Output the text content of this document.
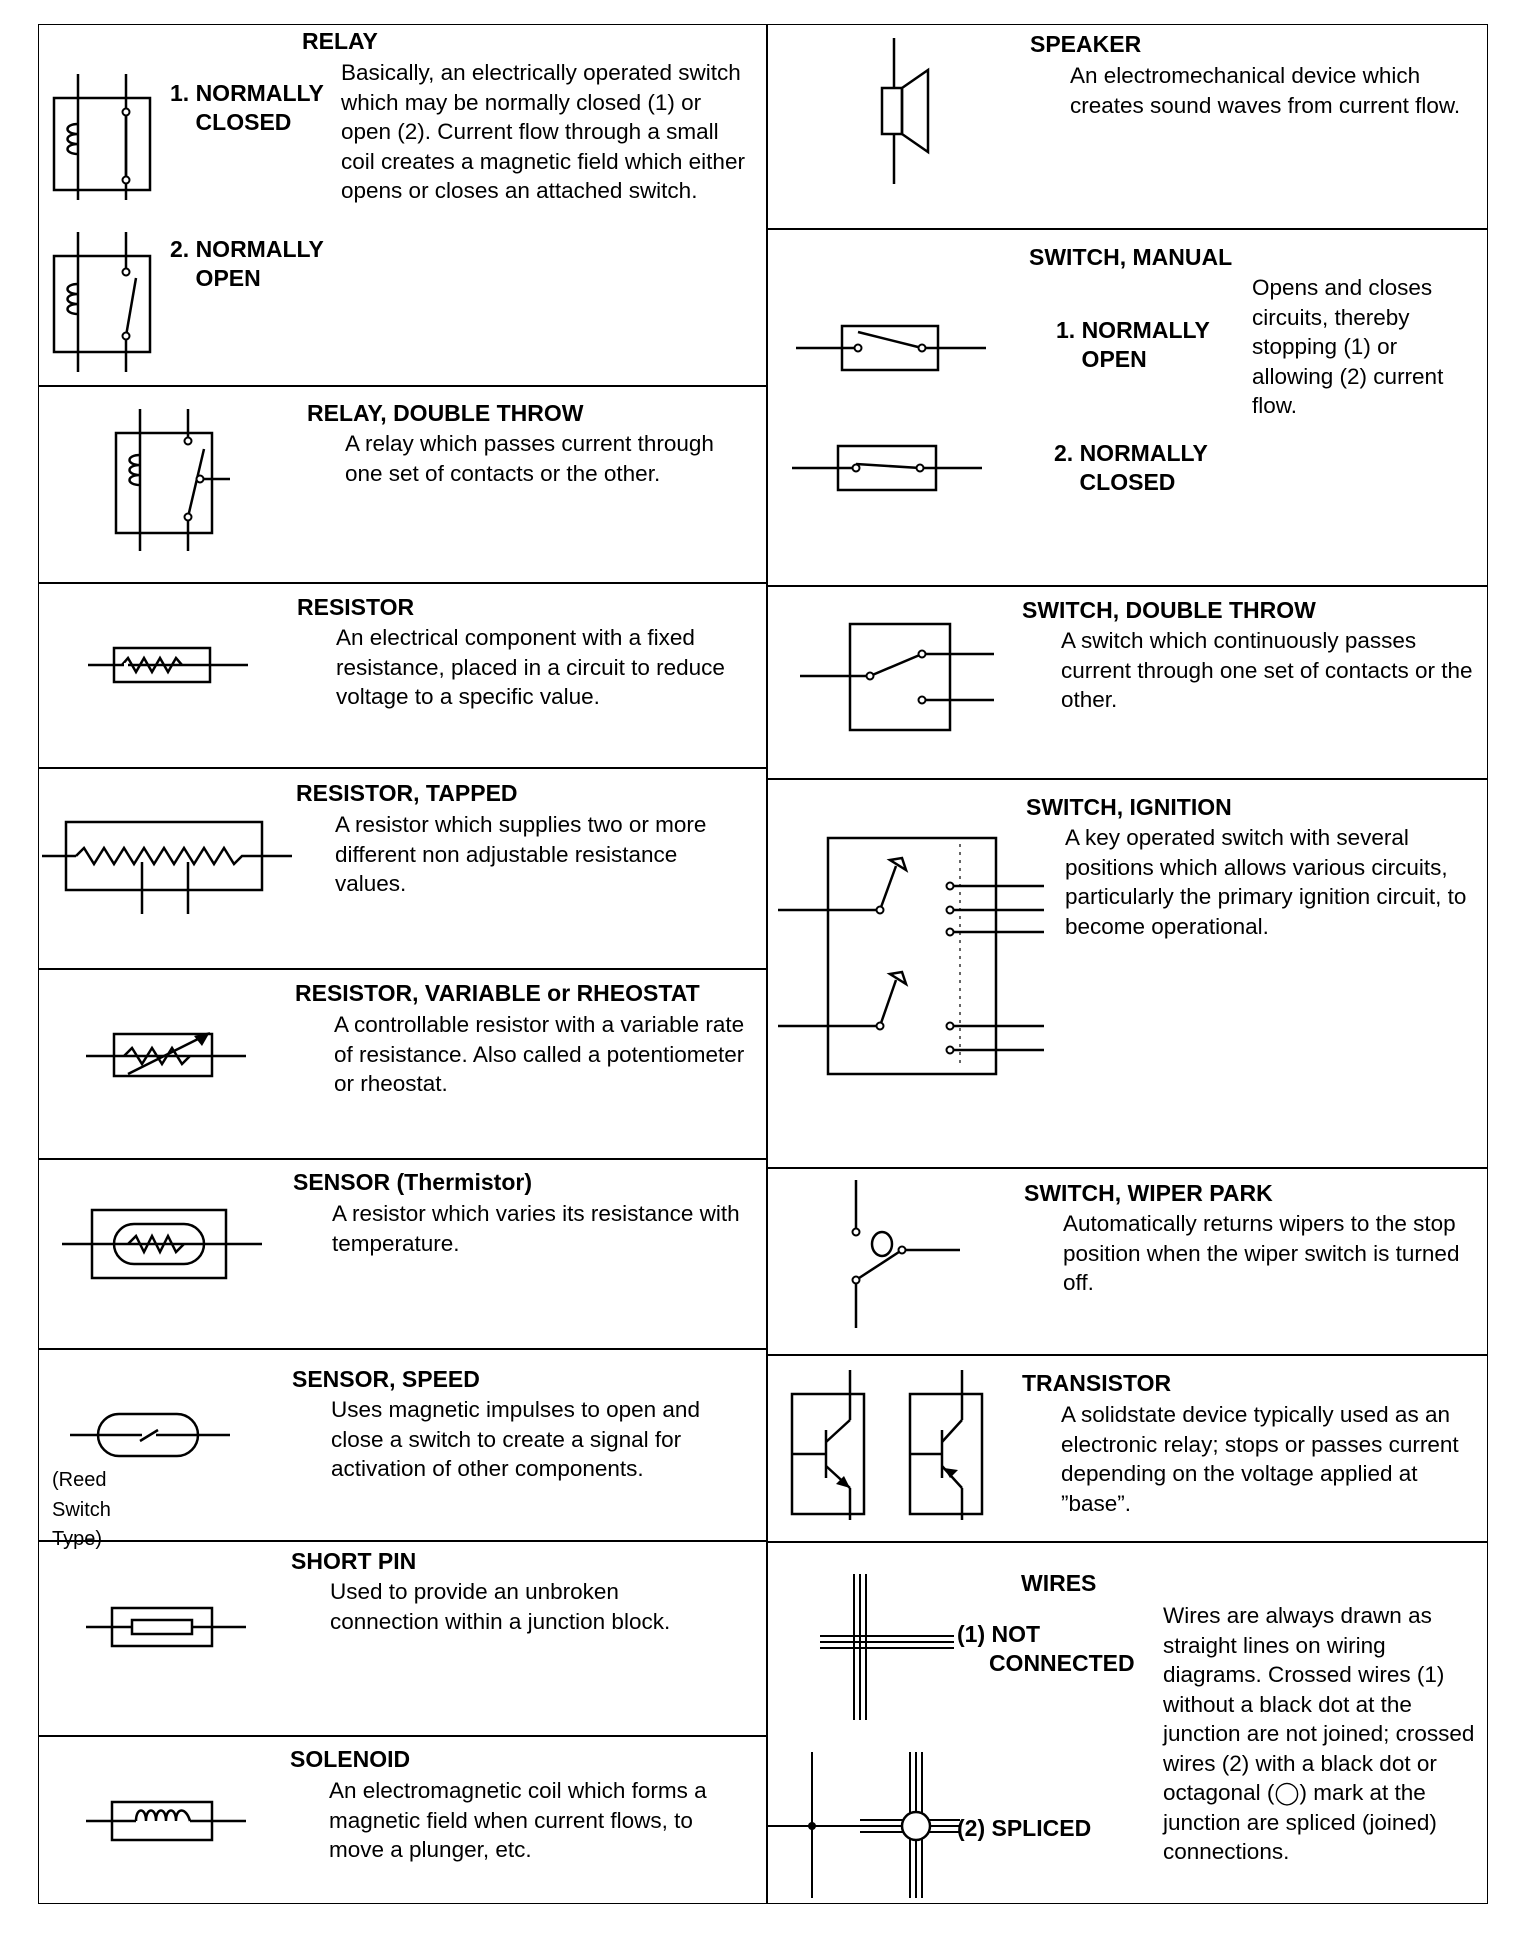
RELAY
1. NORMALLY
CLOSED
2. NORMALLY
OPEN
Basically, an electrically operated switch which may be normally closed (1) or open (2). Current flow through a small coil creates a magnetic field which either opens or closes an attached switch.
RELAY, DOUBLE THROW
A relay which passes current through one set of contacts or the other.
RESISTOR
An electrical component with a fixed resistance, placed in a circuit to reduce voltage to a specific value.
RESISTOR, TAPPED
A resistor which supplies two or more different non adjustable resistance values.
RESISTOR, VARIABLE or RHEOSTAT
A controllable resistor with a variable rate of resistance. Also called a potentiometer or rheostat.
SENSOR (Thermistor)
A resistor which varies its resistance with temperature.
SENSOR, SPEED
Uses magnetic impulses to open and close a switch to create a signal for activation of other components.
(Reed Switch Type)
SHORT PIN
Used to provide an unbroken connection within a junction block.
SOLENOID
An electromagnetic coil which forms a magnetic field when current flows, to move a plunger, etc.
SPEAKER
An electromechanical device which creates sound waves from current flow.
SWITCH, MANUAL
1. NORMALLY
OPEN
2. NORMALLY
CLOSED
Opens and closes circuits, thereby stopping (1) or allowing (2) current flow.
SWITCH, DOUBLE THROW
A switch which continuously passes current through one set of contacts or the other.
SWITCH, IGNITION
A key operated switch with several positions which allows various circuits, particularly the primary ignition circuit, to become operational.
SWITCH, WIPER PARK
Automatically returns wipers to the stop position when the wiper switch is turned off.
TRANSISTOR
A solidstate device typically used as an electronic relay; stops or passes current depending on the voltage applied at ”base”.
WIRES
(1) NOT
CONNECTED
(2) SPLICED
Wires are always drawn as straight lines on wiring diagrams. Crossed wires (1) without a black dot at the junction are not joined; crossed wires (2) with a black dot or octagonal (◯) mark at the junction are spliced (joined) connections.
